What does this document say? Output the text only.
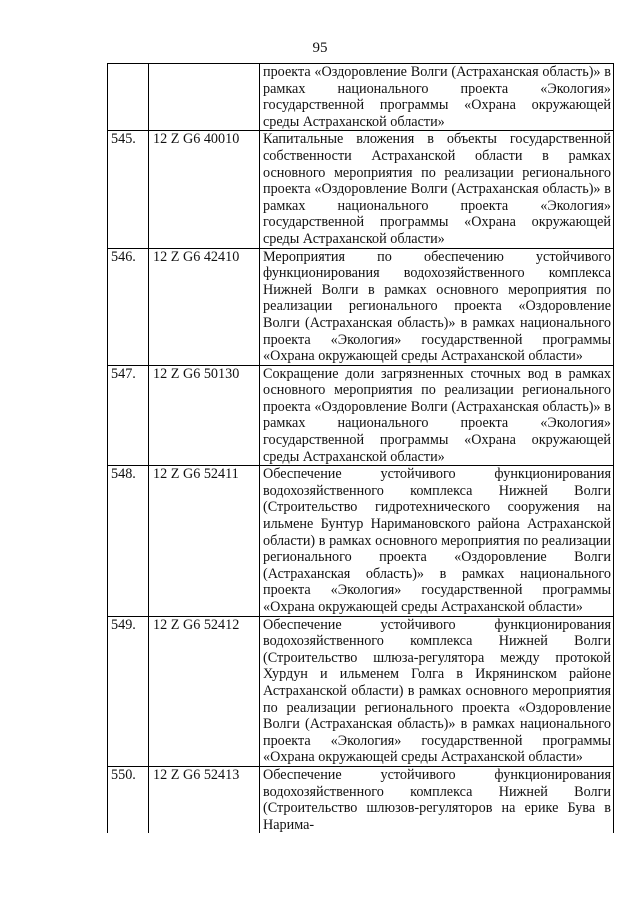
95
		проекта «Оздоровление Волги (Астраханская область)» в рамках национального проекта «Экология» государственной программы «Охрана окружающей среды Астраханской области»
545.	12 Z G6 40010	Капитальные вложения в объекты государственной собственности Астраханской области в рамках основного мероприятия по реализации регионального проекта «Оздоровление Волги (Астраханская область)» в рамках национального проекта «Экология» государственной программы «Охрана окружающей среды Астраханской области»
546.	12 Z G6 42410	Мероприятия по обеспечению устойчивого функционирования водохозяйственного комплекса Нижней Волги в рамках основного мероприятия по реализации регионального проекта «Оздоровление Волги (Астраханская область)» в рамках национального проекта «Экология» государственной программы «Охрана окружающей среды Астраханской области»
547.	12 Z G6 50130	Сокращение доли загрязненных сточных вод в рамках основного мероприятия по реализации регионального проекта «Оздоровление Волги (Астраханская область)» в рамках национального проекта «Экология» государственной программы «Охрана окружающей среды Астраханской области»
548.	12 Z G6 52411	Обеспечение устойчивого функционирования водохозяйственного комплекса Нижней Волги (Строительство гидротехнического сооружения на ильмене Бунтур Наримановского района Астраханской области) в рамках основного мероприятия по реализации регионального проекта «Оздоровление Волги (Астраханская область)» в рамках национального проекта «Экология» государственной программы «Охрана окружающей среды Астраханской области»
549.	12 Z G6 52412	Обеспечение устойчивого функционирования водохозяйственного комплекса Нижней Волги (Строительство шлюза-регулятора между протокой Хурдун и ильменем Голга в Икрянинском районе Астраханской области) в рамках основного мероприятия по реализации регионального проекта «Оздоровление Волги (Астраханская область)» в рамках национального проекта «Экология» государственной программы «Охрана окружающей среды Астраханской области»
550.	12 Z G6 52413	Обеспечение устойчивого функционирования водохозяйственного комплекса Нижней Волги (Строительство шлюзов-регуляторов на ерике Бува в Нарима-
